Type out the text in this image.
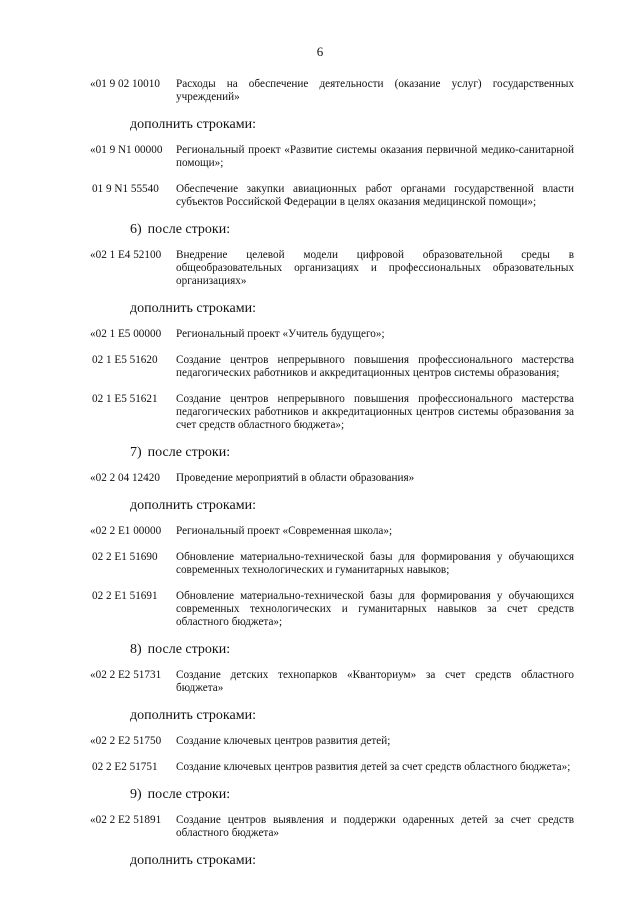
6
«01 9 02 10010	Расходы на обеспечение деятельности (оказание услуг) государственных учреждений»
дополнить строками:
«01 9 N1 00000	Региональный проект «Развитие системы оказания первичной медико-санитарной помощи»;
01 9 N1 55540	Обеспечение закупки авиационных работ органами государственной власти субъектов Российской Федерации в целях оказания медицинской помощи»;
6) после строки:
«02 1 E4 52100	Внедрение целевой модели цифровой образовательной среды в общеобразовательных организациях и профессиональных образовательных организациях»
дополнить строками:
«02 1 E5 00000	Региональный проект «Учитель будущего»;
02 1 E5 51620	Создание центров непрерывного повышения профессионального мастерства педагогических работников и аккредитационных центров системы образования;
02 1 E5 51621	Создание центров непрерывного повышения профессионального мастерства педагогических работников и аккредитационных центров системы образования за счет средств областного бюджета»;
7) после строки:
«02 2 04 12420	Проведение мероприятий в области образования»
дополнить строками:
«02 2 E1 00000	Региональный проект «Современная школа»;
02 2 E1 51690	Обновление материально-технической базы для формирования у обучающихся современных технологических и гуманитарных навыков;
02 2 E1 51691	Обновление материально-технической базы для формирования у обучающихся современных технологических и гуманитарных навыков за счет средств областного бюджета»;
8) после строки:
«02 2 E2 51731	Создание детских технопарков «Кванториум» за счет средств областного бюджета»
дополнить строками:
«02 2 E2 51750	Создание ключевых центров развития детей;
02 2 E2 51751	Создание ключевых центров развития детей за счет средств областного бюджета»;
9) после строки:
«02 2 E2 51891	Создание центров выявления и поддержки одаренных детей за счет средств областного бюджета»
дополнить строками:
